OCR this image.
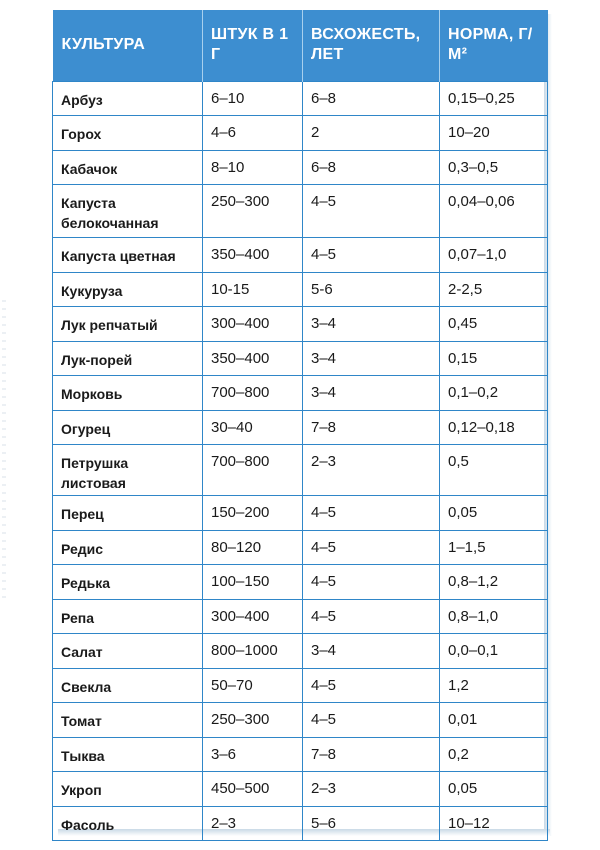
КУЛЬТУРА	ШТУК В 1 Г	ВСХОЖЕСТЬ, ЛЕТ	НОРМА, Г/М²
Арбуз	6–10	6–8	0,15–0,25
Горох	4–6	2	10–20
Кабачок	8–10	6–8	0,3–0,5
Капуста белокочанная	250–300	4–5	0,04–0,06
Капуста цветная	350–400	4–5	0,07–1,0
Кукуруза	10-15	5-6	2-2,5
Лук репчатый	300–400	3–4	0,45
Лук-порей	350–400	3–4	0,15
Морковь	700–800	3–4	0,1–0,2
Огурец	30–40	7–8	0,12–0,18
Петрушка листовая	700–800	2–3	0,5
Перец	150–200	4–5	0,05
Редис	80–120	4–5	1–1,5
Редька	100–150	4–5	0,8–1,2
Репа	300–400	4–5	0,8–1,0
Салат	800–1000	3–4	0,0–0,1
Свекла	50–70	4–5	1,2
Томат	250–300	4–5	0,01
Тыква	3–6	7–8	0,2
Укроп	450–500	2–3	0,05
Фасоль	2–3	5–6	10–12
